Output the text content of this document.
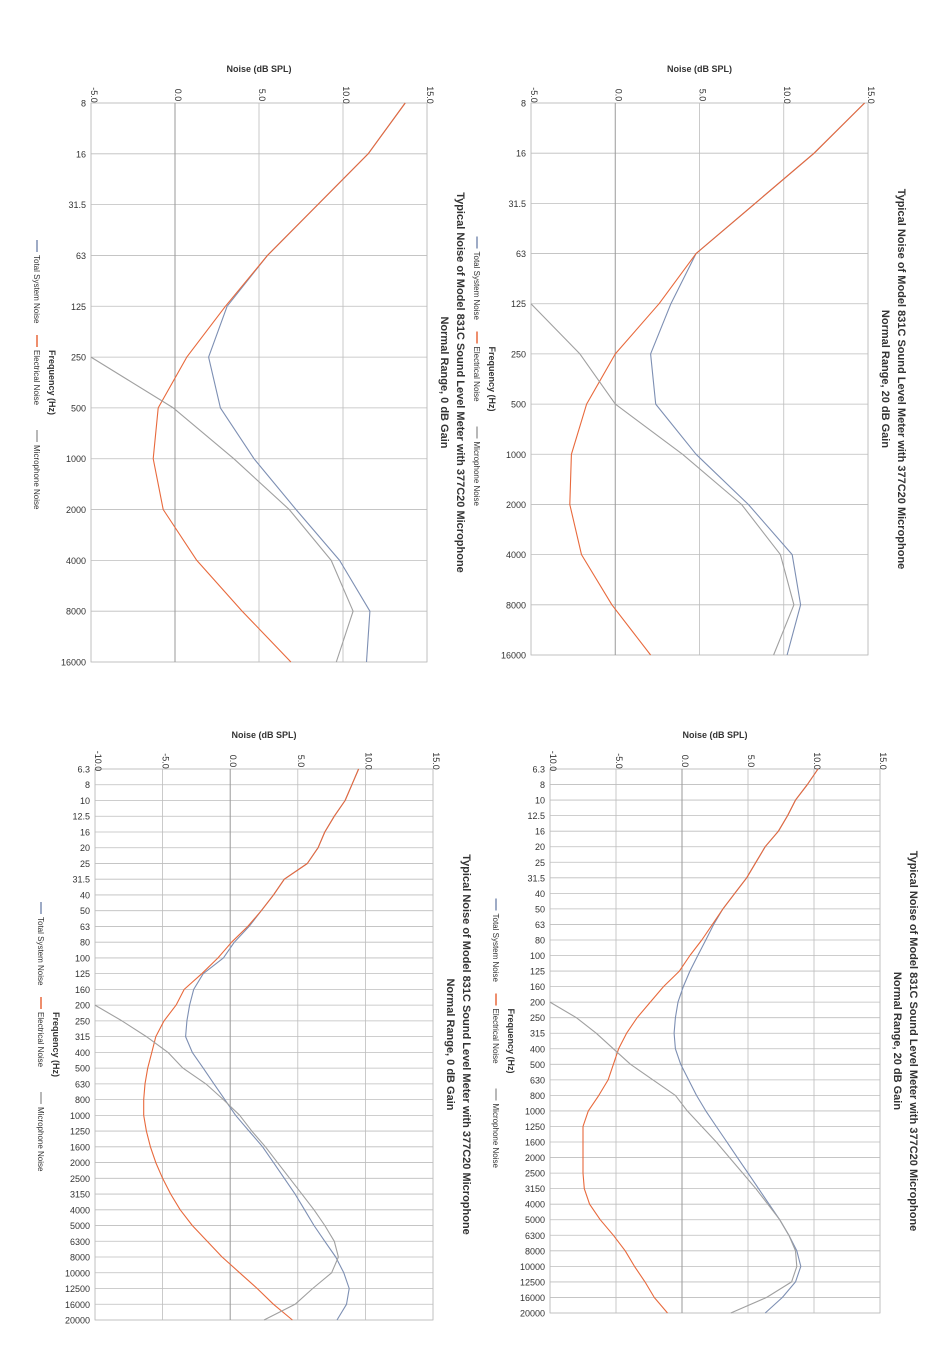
8
16
31.5
63
125
250
500
1000
2000
4000
8000
16000
-5.0	0.0	5.0	10.0	15.0
Noise (dB SPL)
Typical Noise of Model 831C Sound Level Meter with 377C20 Microphone
Normal Range, 20 dB Gain
Frequency (Hz)
Total System Noise
Electrical Noise
Microphone Noise
8
16
31.5
63
125
250
500
1000
2000
4000
8000
16000
-5.0	0.0	5.0	10.0	15.0
Noise (dB SPL)
Typical Noise of Model 831C Sound Level Meter with 377C20 Microphone
Normal Range, 0 dB Gain
Frequency (Hz)
Total System Noise
Electrical Noise
Microphone Noise
6.3
8
10
12.5
16
20
25
31.5
40
50
63
80
100
125
160
200
250
315
400
500
630
800
1000
1250
1600
2000
2500
3150
4000
5000
6300
8000
10000
12500
16000
20000
-10.0	-5.0	0.0	5.0	10.0	15.0
Noise (dB SPL)
Typical Noise of Model 831C Sound Level Meter with 377C20 Microphone
Normal Range, 20 dB Gain
Frequency (Hz)
Total System Noise
Electrical Noise
Microphone Noise
6.3
8
10
12.5
16
20
25
31.5
40
50
63
80
100
125
160
200
250
315
400
500
630
800
1000
1250
1600
2000
2500
3150
4000
5000
6300
8000
10000
12500
16000
20000
-10.0	-5.0	0.0	5.0	10.0	15.0
Noise (dB SPL)
Typical Noise of Model 831C Sound Level Meter with 377C20 Microphone
Normal Range, 0 dB Gain
Frequency (Hz)
Total System Noise
Electrical Noise
Microphone Noise
